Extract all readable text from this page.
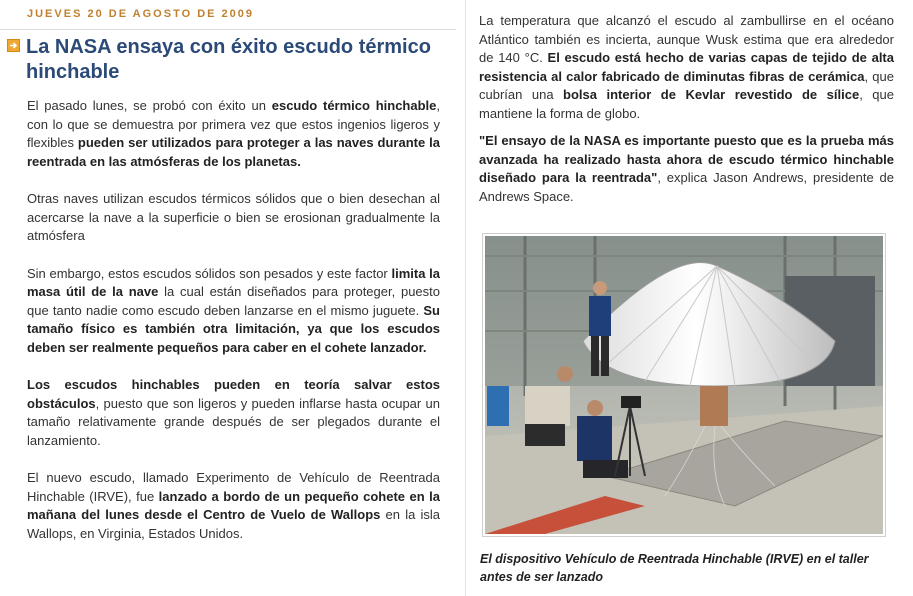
JUEVES 20 DE AGOSTO DE 2009
La NASA ensaya con éxito escudo térmico hinchable

El pasado lunes, se probó con éxito un escudo térmico hinchable, con lo que se demuestra por primera vez que estos ingenios ligeros y flexibles pueden ser utilizados para proteger a las naves durante la reentrada en las atmósferas de los planetas.

Otras naves utilizan escudos térmicos sólidos que o bien desechan al acercarse la nave a la superficie o bien se erosionan gradualmente la atmósfera

Sin embargo, estos escudos sólidos son pesados y este factor limita la masa útil de la nave la cual están diseñados para proteger, puesto que tanto nadie como escudo deben lanzarse en el mismo juguete. Su tamaño físico es también otra limitación, ya que los escudos deben ser realmente pequeños para caber en el cohete lanzador.

Los escudos hinchables pueden en teoría salvar estos obstáculos, puesto que son ligeros y pueden inflarse hasta ocupar un tamaño relativamente grande después de ser plegados durante el lanzamiento.

El nuevo escudo, llamado Experimento de Vehículo de Reentrada Hinchable (IRVE), fue lanzado a bordo de un pequeño cohete en la mañana del lunes desde el Centro de Vuelo de Wallops en la isla Wallops, en Virginia, Estados Unidos.

La temperatura que alcanzó el escudo al zambullirse en el océano Atlántico también es incierta, aunque Wusk estima que era alrededor de 140 °C. El escudo está hecho de varias capas de tejido de alta resistencia al calor fabricado de diminutas fibras de cerámica, que cubrían una bolsa interior de Kevlar revestido de sílice, que mantiene la forma de globo.

"El ensayo de la NASA es importante puesto que es la prueba más avanzada ha realizado hasta ahora de escudo térmico hinchable diseñado para la reentrada", explica Jason Andrews, presidente de Andrews Space.

El dispositivo Vehículo de Reentrada Hinchable (IRVE) en el taller antes de ser lanzado
